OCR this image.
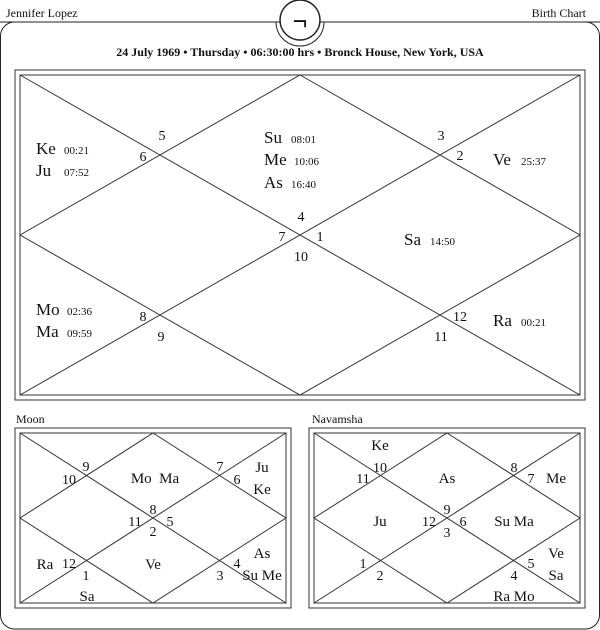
¬
Jennifer Lopez	Birth Chart
24 July 1969 • Thursday • 06:30:00 hrs • Bronck House, New York, USA
4
7 1
10
5
6
3
2
8
9
12
11
Ke 00:21
Ju 07:52
Su 08:01
Me 10:06
As 16:40
Ve 25:37
Sa 14:50
Mo 02:36
Ma 09:59
Ra 00:21
Moon	Navamsha
9
10
7
6
8
11 5
2
12
1
4
3
Mo  Ma
Ju
Ke
Ve
Ra
Sa
As
Su Me
10
11
8
7
9
12 6
3
1
2
5
4
Ke
As	Me
Ju	Su Ma
Ve
Sa
Ra Mo
